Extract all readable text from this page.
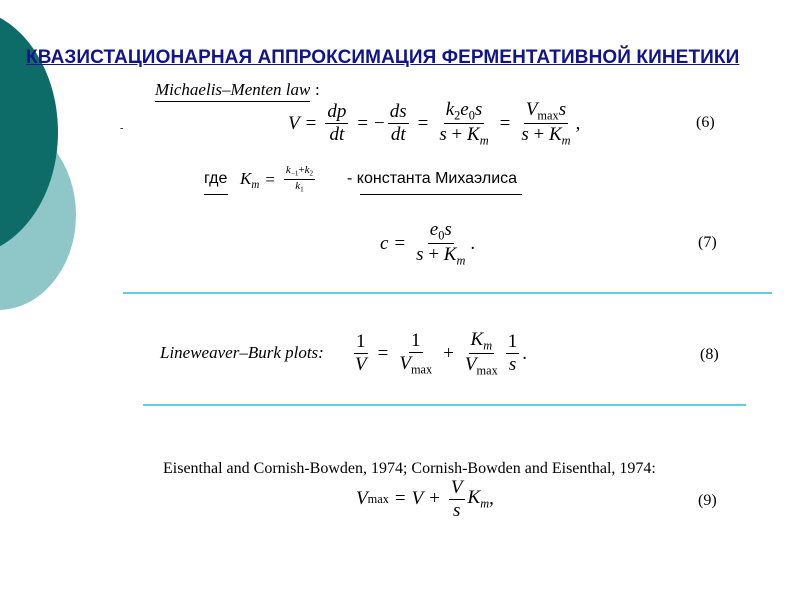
КВАЗИСТАЦИОНАРНАЯ АППРОКСИМАЦИЯ ФЕРМЕНТАТИВНОЙ КИНЕТИКИ
Michaelis–Menten law :
-	$V = \frac{dp}{dt}$ = − $\frac{ds}{dt} = \frac{k_2e_0s}{s + K_m} = \frac{V_{max}s}{s + K_m}$ ,	(6)
где $K_m = \frac{k_{-1}+k_2}{k_1}$ - константа Михаэлиса
$c = \frac{e_0s}{s + K_m}$ .	(7)
Lineweaver–Burk plots: $\frac{1}{V} = \frac{1}{V_{max}} + \frac{K_m}{V_{max}} \frac{1}{s}$ .	(8)
Eisenthal and Cornish-Bowden, 1974; Cornish-Bowden and Eisenthal, 1974:
V $\max = V + \frac{V}{s} K_m$ ,	(9)
